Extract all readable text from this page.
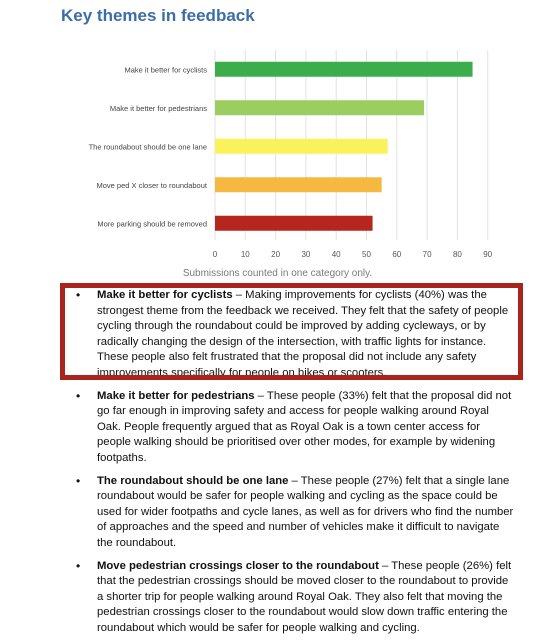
Key themes in feedback
Make it better for cyclists
Make it better for pedestrians
The roundabout should be one lane
Move ped X closer to roundabout
More parking should be removed
0	10	20	30	40	50	60	70	80	90
Submissions counted in one category only.
• Make it better for cyclists – Making improvements for cyclists (40%) was the strongest theme from the feedback we received. They felt that the safety of people cycling through the roundabout could be improved by adding cycleways, or by radically changing the design of the intersection, with traffic lights for instance. These people also felt frustrated that the proposal did not include any safety improvements specifically for people on bikes or scooters.
• Make it better for pedestrians – These people (33%) felt that the proposal did not go far enough in improving safety and access for people walking around Royal Oak. People frequently argued that as Royal Oak is a town center access for people walking should be prioritised over other modes, for example by widening footpaths.
• The roundabout should be one lane – These people (27%) felt that a single lane roundabout would be safer for people walking and cycling as the space could be used for wider footpaths and cycle lanes, as well as for drivers who find the number of approaches and the speed and number of vehicles make it difficult to navigate the roundabout.
• Move pedestrian crossings closer to the roundabout – These people (26%) felt that the pedestrian crossings should be moved closer to the roundabout to provide a shorter trip for people walking around Royal Oak. They also felt that moving the pedestrian crossings closer to the roundabout would slow down traffic entering the roundabout which would be safer for people walking and cycling.
